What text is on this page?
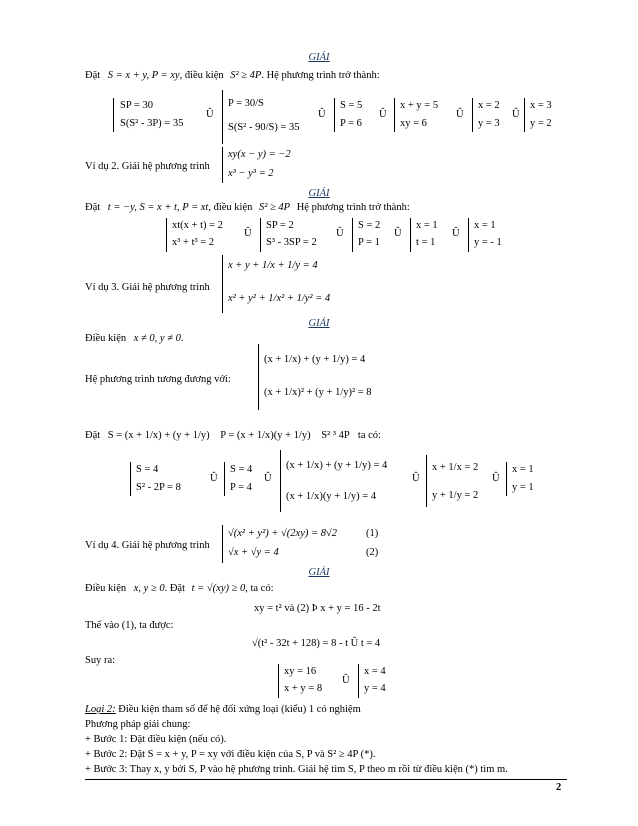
GIẢI
Đặt S = x + y, P = xy, điều kiện S² ≥ 4P. Hệ phương trình trở thành:
SP = 30
S(S² - 3P) = 35
Û
P = 30/S
S(S² - 90/S) = 35
Û
S = 5
P = 6
Û
x + y = 5
xy = 6
Û
x = 2
y = 3
Û
x = 3
y = 2
Ví dụ 2. Giải hệ phương trình
xy(x − y) = −2
x³ − y³ = 2
GIẢI
Đặt t = −y, S = x + t, P = xt, điều kiện S² ≥ 4P Hệ phương trình trở thành:
xt(x + t) = 2
x³ + t³ = 2
Û
SP = 2
S³ - 3SP = 2
Û
S = 2
P = 1
Û
x = 1
t = 1
Û
x = 1
y = - 1
Ví dụ 3. Giải hệ phương trình
x + y + 1/x + 1/y = 4
x² + y² + 1/x² + 1/y² = 4
GIẢI
Điều kiện x ≠ 0, y ≠ 0.
Hệ phương trình tương đương với:
(x + 1/x) + (y + 1/y) = 4
(x + 1/x)² + (y + 1/y)² = 8
Đặt S = (x + 1/x) + (y + 1/y) P = (x + 1/x)(y + 1/y) S² ³ 4P ta có:
S = 4
S² - 2P = 8
Û
S = 4
P = 4
Û
(x + 1/x) + (y + 1/y) = 4
(x + 1/x)(y + 1/y) = 4
Û
x + 1/x = 2
y + 1/y = 2
Û
x = 1
y = 1
Ví dụ 4. Giải hệ phương trình
√(x² + y²) + √(2xy) = 8√2	(1)
√x + √y = 4	(2)
GIẢI
Điều kiện x, y ≥ 0. Đặt t = √(xy) ≥ 0, ta có:
xy = t² và (2) Þ x + y = 16 - 2t
Thế vào (1), ta được:
√(t² - 32t + 128) = 8 - t Û t = 4
Suy ra:
xy = 16
x + y = 8
Û
x = 4
y = 4
Loại 2: Điều kiện tham số để hệ đối xứng loại (kiểu) 1 có nghiệm
Phương pháp giải chung:
+ Bước 1: Đặt điều kiện (nếu có).
+ Bước 2: Đặt S = x + y, P = xy với điều kiện của S, P và S² ≥ 4P (*).
+ Bước 3: Thay x, y bởi S, P vào hệ phương trình. Giải hệ tìm S, P theo m rồi từ điều kiện (*) tìm m.
2
